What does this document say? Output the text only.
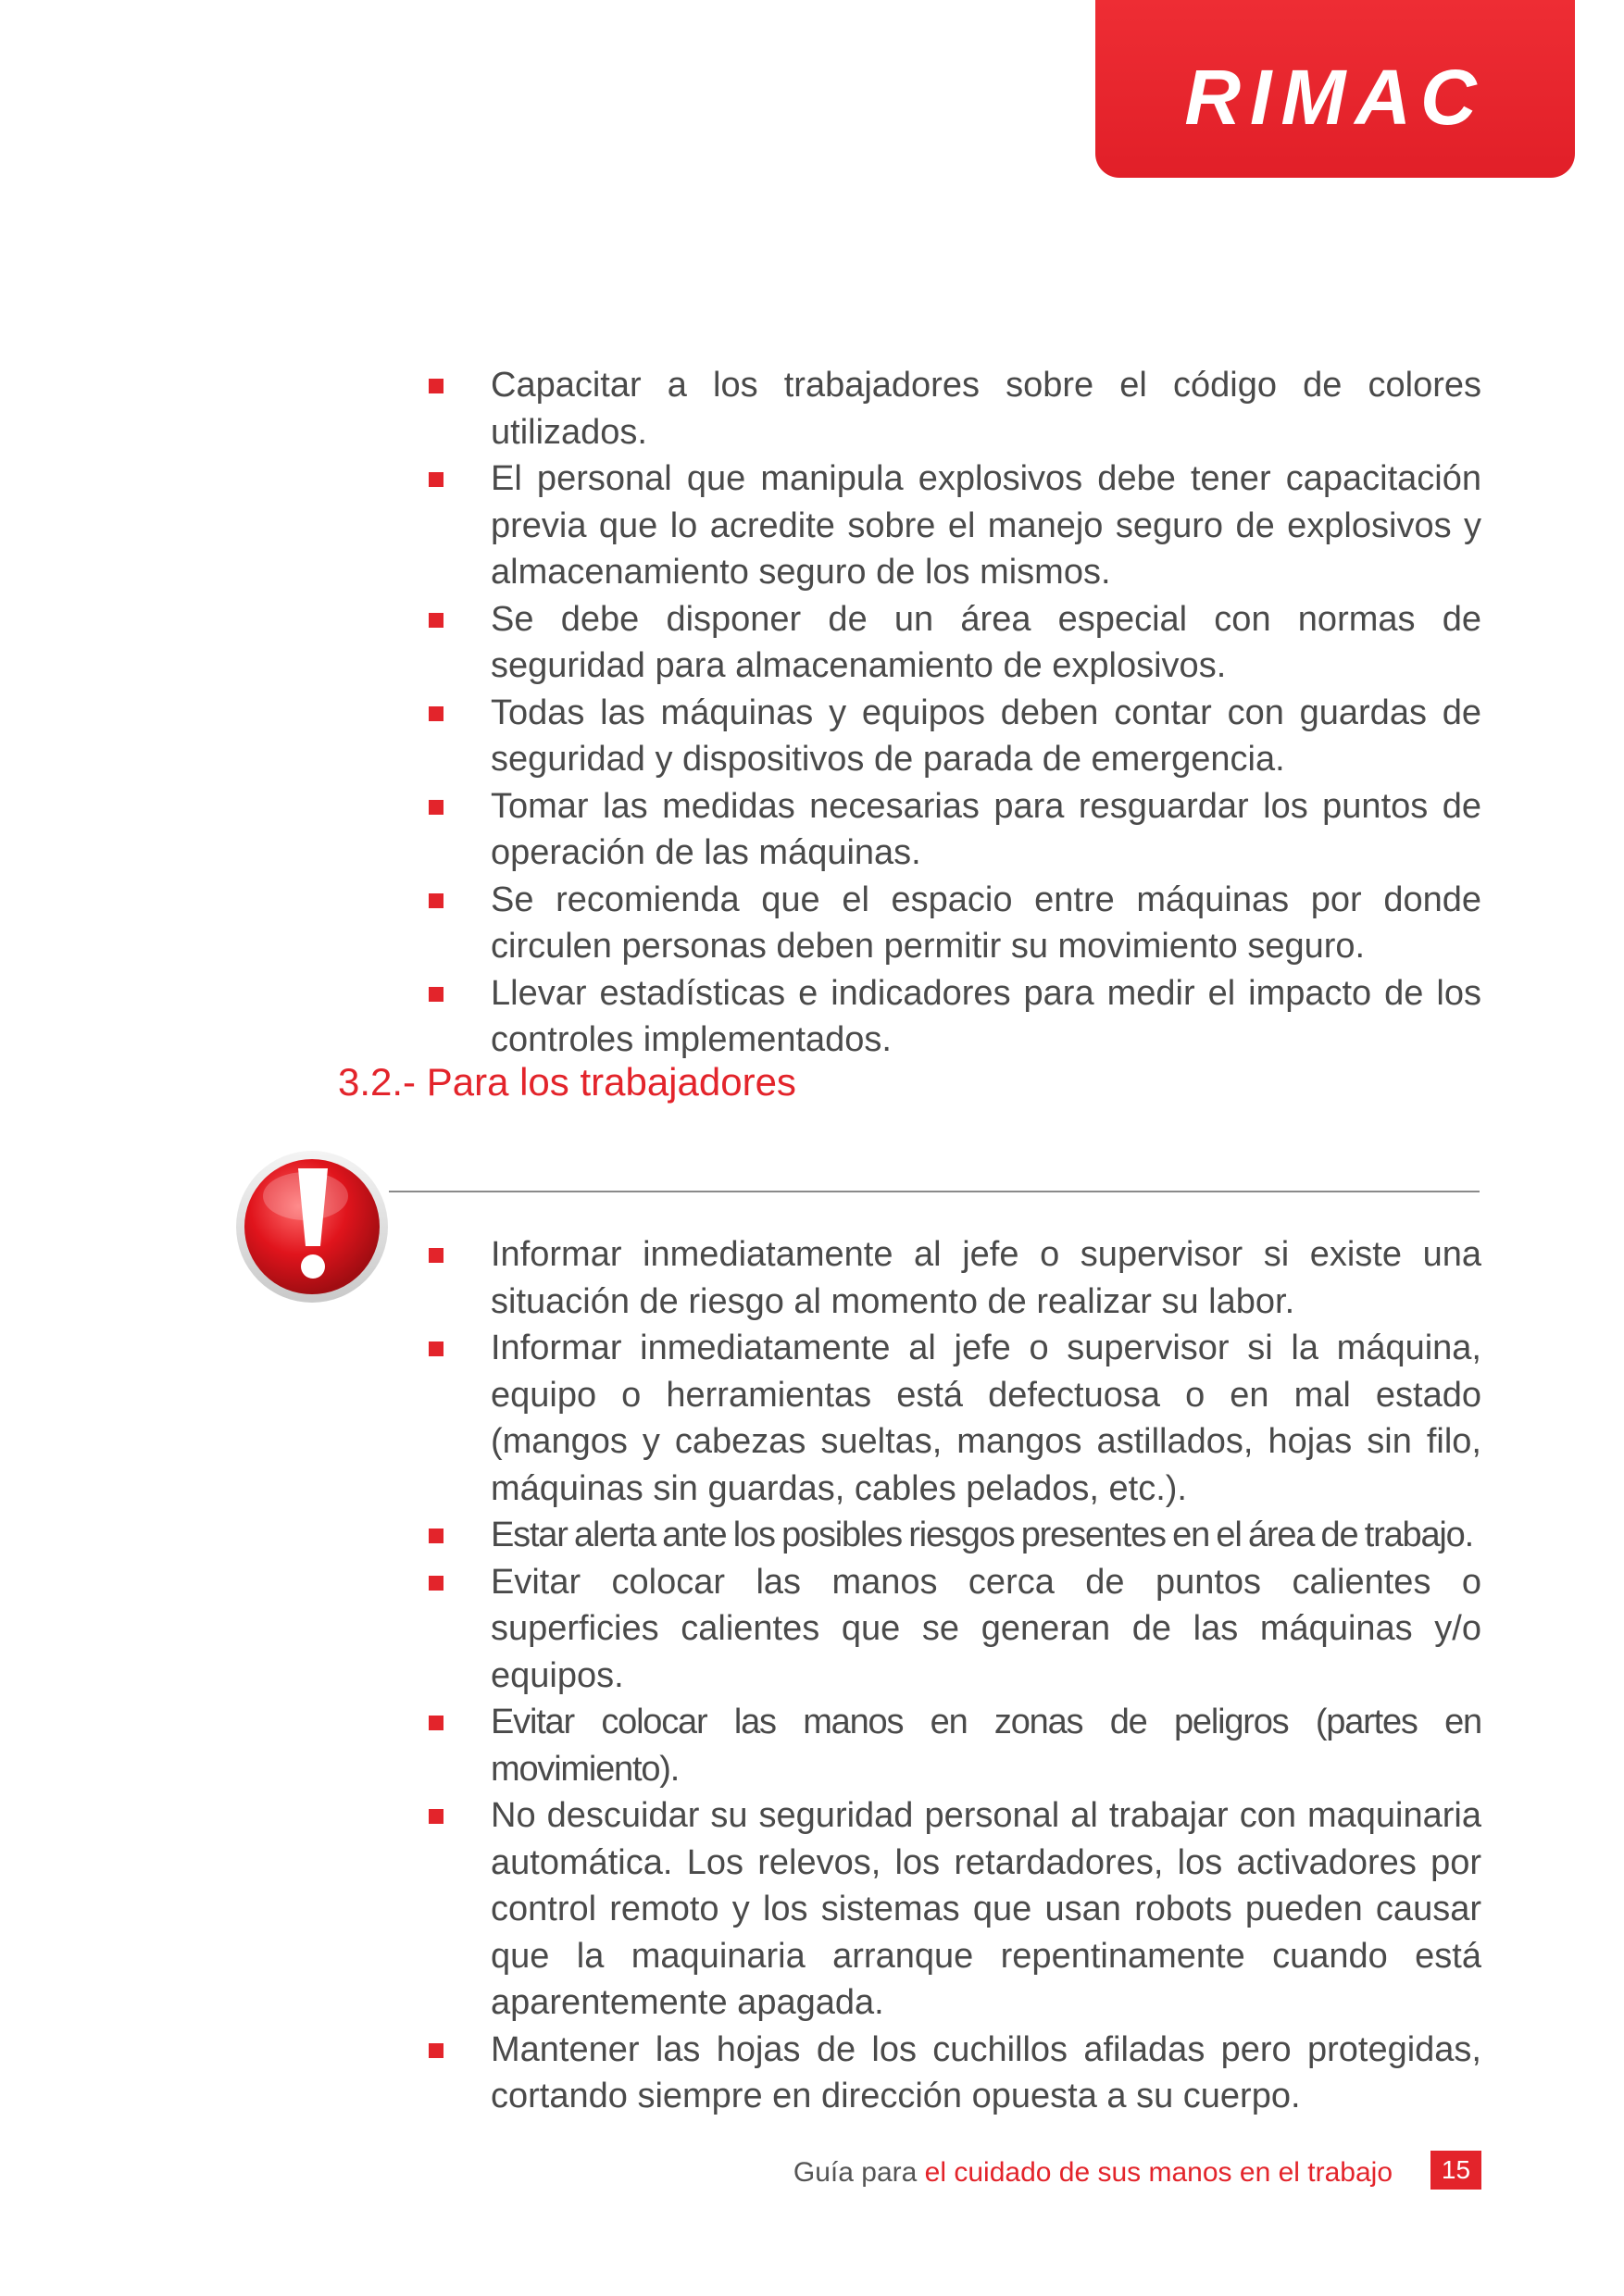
RIMAC
Capacitar a los trabajadores sobre el código de colores utilizados.
El personal que manipula explosivos debe tener capacitación previa que lo acredite sobre el manejo seguro de explosivos y almacenamiento seguro de los mismos.
Se debe disponer de un área especial con normas de seguridad para almacenamiento de explosivos.
Todas las máquinas y equipos deben contar con guardas de seguridad y dispositivos de parada de emergencia.
Tomar las medidas necesarias para resguardar los puntos de operación de las máquinas.
Se recomienda que el espacio entre máquinas por donde circulen personas deben permitir su movimiento seguro.
Llevar estadísticas e indicadores para medir el impacto de los controles implementados.
3.2.- Para los trabajadores
Informar inmediatamente al jefe o supervisor si existe una situación de riesgo al momento de realizar su labor.
Informar inmediatamente al jefe o supervisor si la máquina, equipo o herramientas está defectuosa o en mal estado (mangos y cabezas sueltas, mangos astillados, hojas sin filo, máquinas sin guardas, cables pelados, etc.).
Estar alerta ante los posibles riesgos presentes en el área de trabajo.
Evitar colocar las manos cerca de puntos calientes o superficies calientes que se generan de las máquinas y/o equipos.
Evitar colocar las manos en zonas de peligros (partes en movimiento).
No descuidar su seguridad personal al trabajar con maquinaria automática. Los relevos, los retardadores, los activadores por control remoto y los sistemas que usan robots pueden causar que la maquinaria arranque repentinamente cuando está aparentemente apagada.
Mantener las hojas de los cuchillos afiladas pero protegidas, cortando siempre en dirección opuesta a su cuerpo.
Guía para el cuidado de sus manos en el trabajo	15
